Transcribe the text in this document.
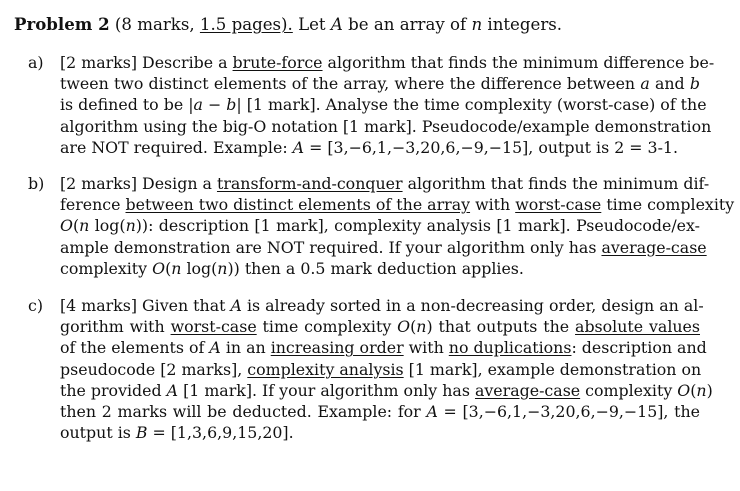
Problem 2 (8 marks, 1.5 pages). Let A be an array of n integers.
a) [2 marks] Describe a brute-force algorithm that finds the minimum difference be-
tween two distinct elements of the array, where the difference between a and b
is defined to be |a − b| [1 mark]. Analyse the time complexity (worst-case) of the
algorithm using the big-O notation [1 mark]. Pseudocode/example demonstration
are NOT required. Example: A = [3,−6,1,−3,20,6,−9,−15], output is 2 = 3-1.
b) [2 marks] Design a transform-and-conquer algorithm that finds the minimum dif-
ference between two distinct elements of the array with worst-case time complexity
O(n log(n)): description [1 mark], complexity analysis [1 mark]. Pseudocode/ex-
ample demonstration are NOT required. If your algorithm only has average-case
complexity O(n log(n)) then a 0.5 mark deduction applies.
c) [4 marks] Given that A is already sorted in a non-decreasing order, design an al-
gorithm with worst-case time complexity O(n) that outputs the absolute values
of the elements of A in an increasing order with no duplications: description and
pseudocode [2 marks], complexity analysis [1 mark], example demonstration on
the provided A [1 mark]. If your algorithm only has average-case complexity O(n)
then 2 marks will be deducted. Example: for A = [3,−6,1,−3,20,6,−9,−15], the
output is B = [1,3,6,9,15,20].
